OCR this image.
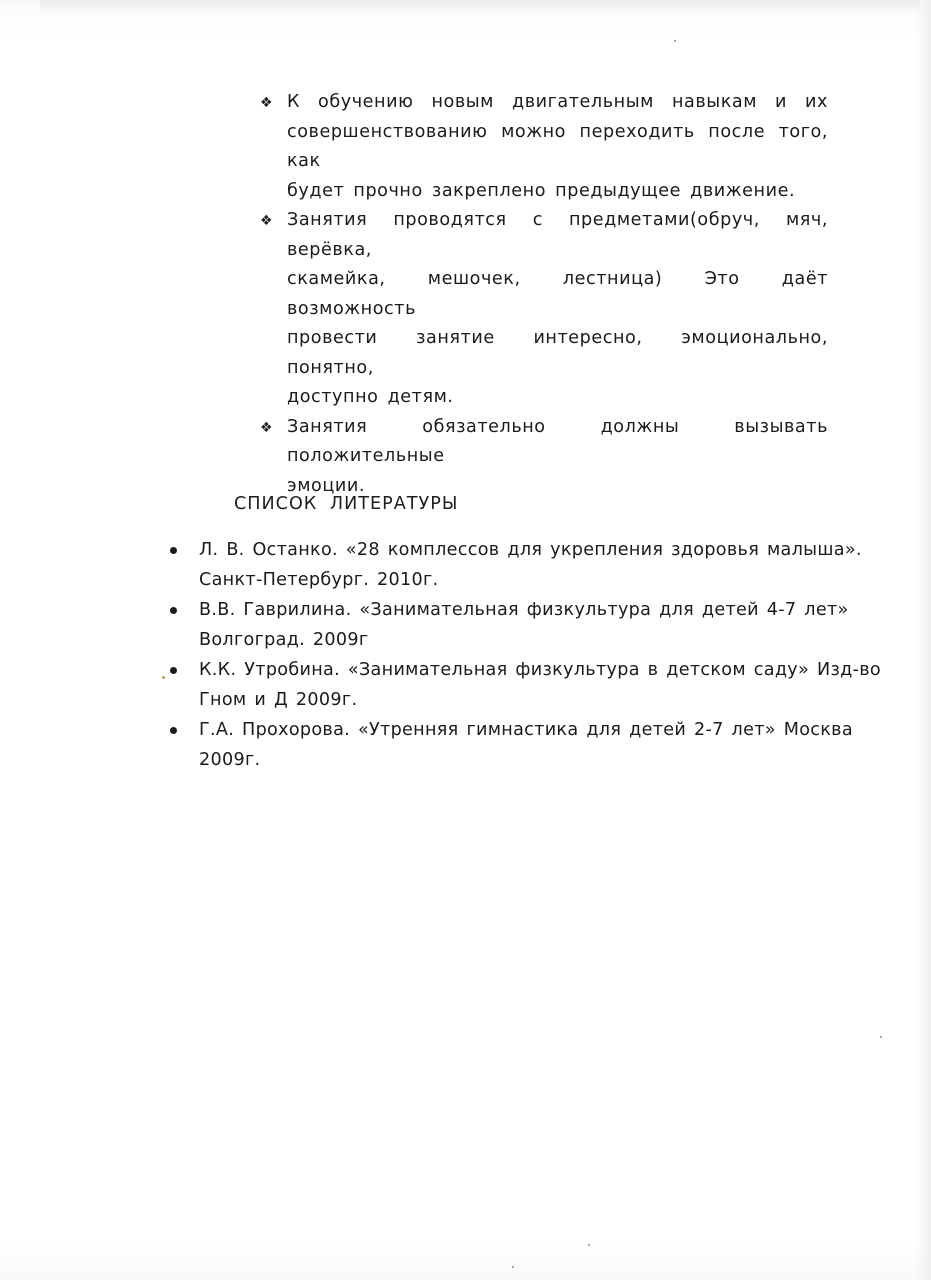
❖ К обучению новым двигательным навыкам и их
совершенствованию можно переходить после того, как
будет прочно закреплено предыдущее движение.
❖ Занятия проводятся с предметами(обруч, мяч, верёвка,
скамейка, мешочек, лестница) Это даёт возможность
провести занятие интересно, эмоционально, понятно,
доступно детям.
❖ Занятия обязательно должны вызывать положительные
эмоции.
СПИСОК ЛИТЕРАТУРЫ
Л. В. Останко. «28 комплессов для укрепления здоровья малыша».
Санкт-Петербург. 2010г.
В.В. Гаврилина. «Занимательная физкультура для детей 4-7 лет»
Волгоград. 2009г
К.К. Утробина. «Занимательная физкультура в детском саду» Изд-во
Гном и Д 2009г.
Г.А. Прохорова. «Утренняя гимнастика для детей 2-7 лет» Москва
2009г.
